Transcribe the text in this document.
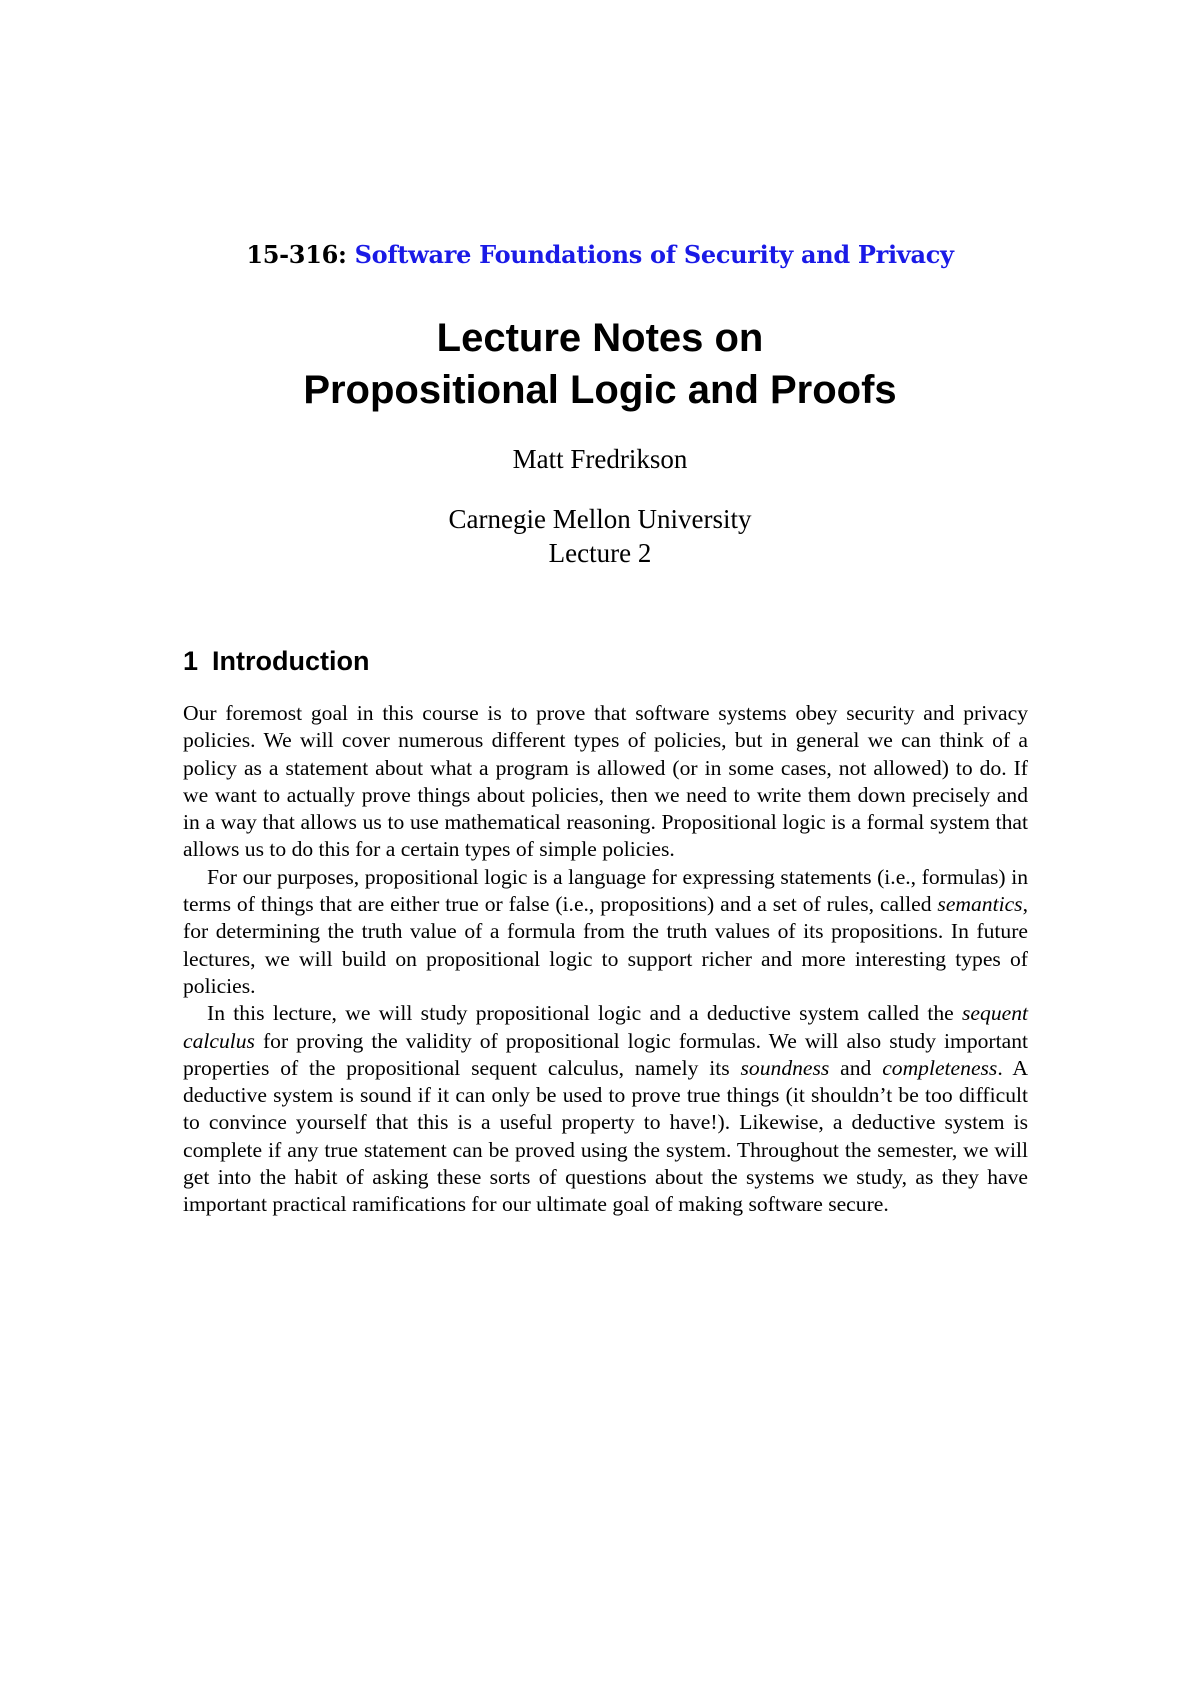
15-316: Software Foundations of Security and Privacy
Lecture Notes on
Propositional Logic and Proofs
Matt Fredrikson
Carnegie Mellon University
Lecture 2
1 Introduction

Our foremost goal in this course is to prove that software systems obey security and privacy policies. We will cover numerous different types of policies, but in general we can think of a policy as a statement about what a program is allowed (or in some cases, not allowed) to do. If we want to actually prove things about policies, then we need to write them down precisely and in a way that allows us to use mathematical reasoning. Propositional logic is a formal system that allows us to do this for a certain types of simple policies.

For our purposes, propositional logic is a language for expressing statements (i.e., formulas) in terms of things that are either true or false (i.e., propositions) and a set of rules, called semantics, for determining the truth value of a formula from the truth values of its propositions. In future lectures, we will build on propositional logic to support richer and more interesting types of policies.

In this lecture, we will study propositional logic and a deductive system called the sequent calculus for proving the validity of propositional logic formulas. We will also study important properties of the propositional sequent calculus, namely its soundness and completeness. A deductive system is sound if it can only be used to prove true things (it shouldn’t be too difficult to convince yourself that this is a useful property to have!). Likewise, a deductive system is complete if any true statement can be proved using the system. Throughout the semester, we will get into the habit of asking these sorts of questions about the systems we study, as they have important practical ramifications for our ultimate goal of making software secure.
